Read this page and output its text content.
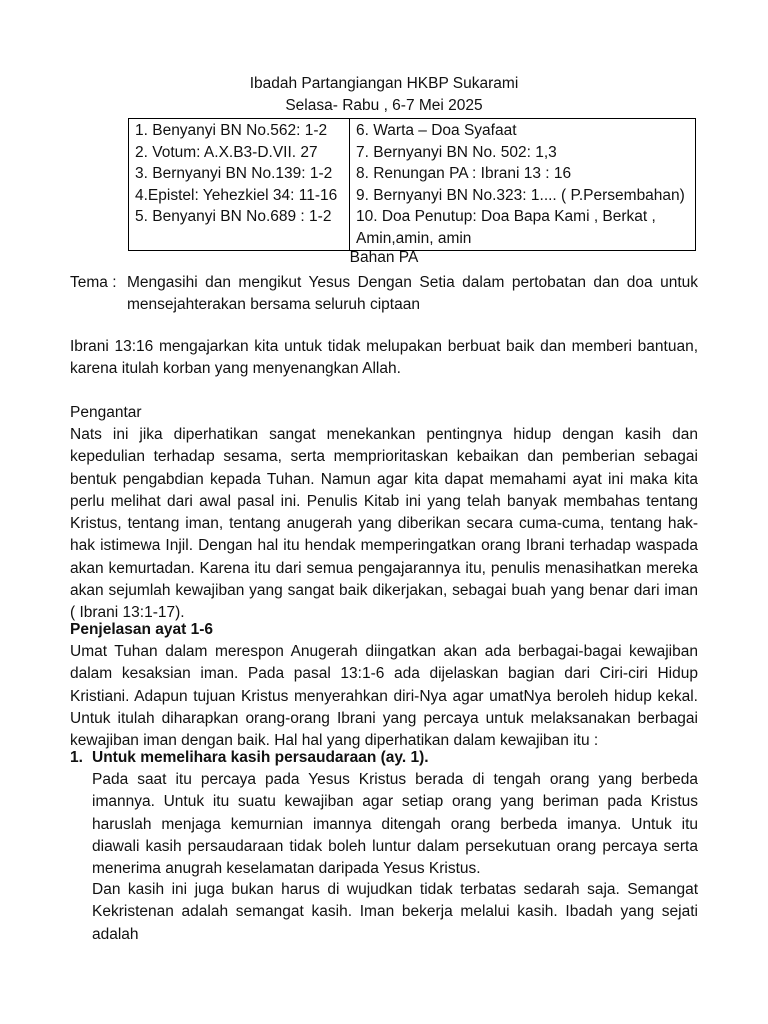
Ibadah Partangiangan HKBP Sukarami
Selasa- Rabu , 6-7 Mei 2025
1. Benyanyi BN No.562: 1-2
2. Votum: A.X.B3-D.VII. 27
3. Bernyanyi BN No.139: 1-2
4.Epistel: Yehezkiel 34: 11-16
5. Benyanyi BN No.689 : 1-2

6. Warta – Doa Syafaat
7. Bernyanyi BN No. 502: 1,3
8. Renungan PA : Ibrani 13 : 16
9. Bernyanyi BN No.323: 1.... ( P.Persembahan)
10. Doa Penutup: Doa Bapa Kami , Berkat ,
Amin,amin, amin
Bahan PA
Tema : Mengasihi dan mengikut Yesus Dengan Setia dalam pertobatan dan doa untuk mensejahterakan bersama seluruh ciptaan
Ibrani 13:16 mengajarkan kita untuk tidak melupakan berbuat baik dan memberi bantuan, karena itulah korban yang menyenangkan Allah.
Pengantar
Nats ini jika diperhatikan sangat menekankan pentingnya hidup dengan kasih dan kepedulian terhadap sesama, serta memprioritaskan kebaikan dan pemberian sebagai bentuk pengabdian kepada Tuhan. Namun agar kita dapat memahami ayat ini maka kita perlu melihat dari awal pasal ini. Penulis Kitab ini yang telah banyak membahas tentang Kristus, tentang iman, tentang anugerah yang diberikan secara cuma-cuma, tentang hak-hak istimewa Injil. Dengan hal itu hendak memperingatkan orang Ibrani terhadap waspada akan kemurtadan. Karena itu dari semua pengajarannya itu, penulis menasihatkan mereka akan sejumlah kewajiban yang sangat baik dikerjakan, sebagai buah yang benar dari iman ( Ibrani 13:1-17).
Penjelasan ayat 1-6
Umat Tuhan dalam merespon Anugerah diingatkan akan ada berbagai-bagai kewajiban dalam kesaksian iman. Pada pasal 13:1-6 ada dijelaskan bagian dari Ciri-ciri Hidup Kristiani. Adapun tujuan Kristus menyerahkan diri-Nya agar umatNya beroleh hidup kekal. Untuk itulah diharapkan orang-orang Ibrani yang percaya untuk melaksanakan berbagai kewajiban iman dengan baik. Hal hal yang diperhatikan dalam kewajiban itu :
1. Untuk memelihara kasih persaudaraan (ay. 1).
Pada saat itu percaya pada Yesus Kristus berada di tengah orang yang berbeda imannya. Untuk itu suatu kewajiban agar setiap orang yang beriman pada Kristus haruslah menjaga kemurnian imannya ditengah orang berbeda imanya. Untuk itu diawali kasih persaudaraan tidak boleh luntur dalam persekutuan orang percaya serta menerima anugrah keselamatan daripada Yesus Kristus.
Dan kasih ini juga bukan harus di wujudkan tidak terbatas sedarah saja. Semangat Kekristenan adalah semangat kasih. Iman bekerja melalui kasih. Ibadah yang sejati adalah
